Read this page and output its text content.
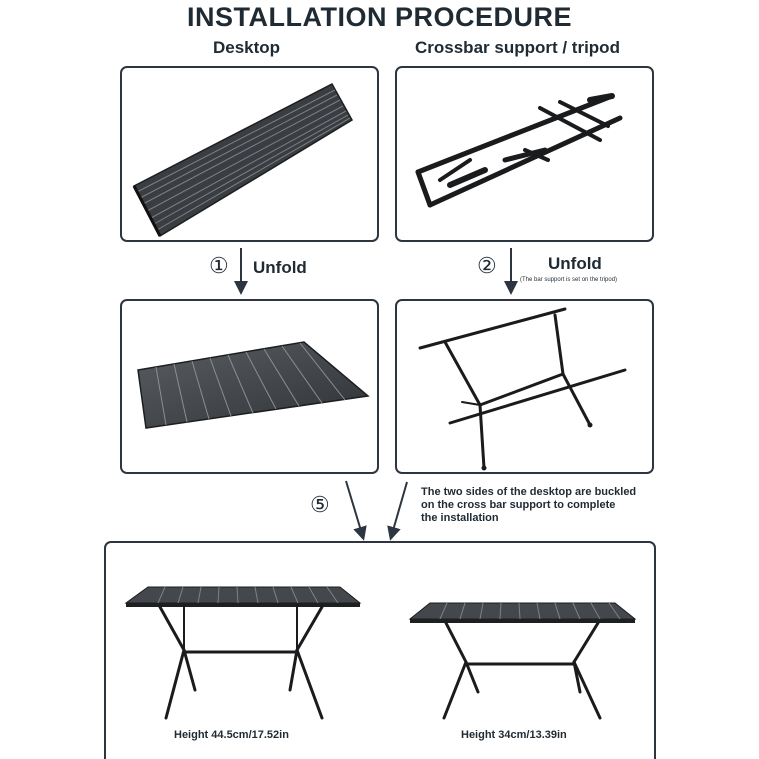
INSTALLATION PROCEDURE
Desktop	Crossbar support / tripod
① Unfold	②	Unfold
(The bar support is set on the tripod)
⑤	The two sides of the desktop are buckled
on the cross bar support to complete
the installation
Height 44.5cm/17.52in	Height 34cm/13.39in
